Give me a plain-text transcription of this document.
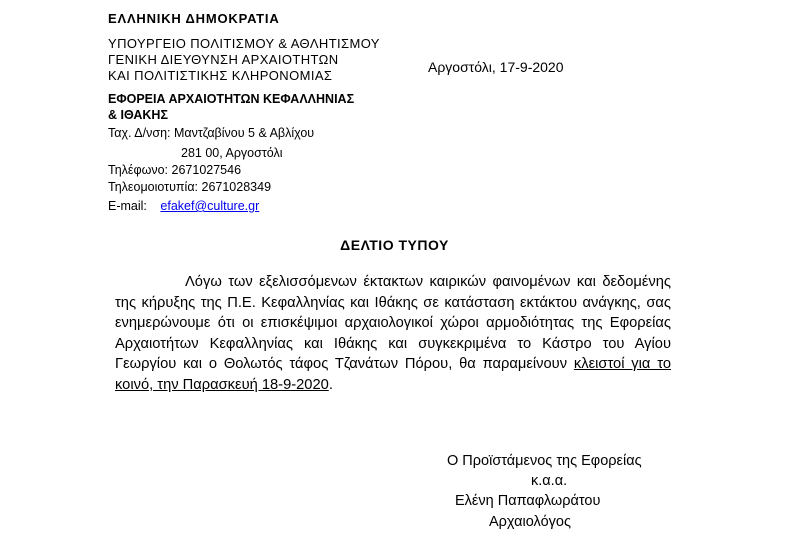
ΕΛΛΗΝΙΚΗ ΔΗΜΟΚΡΑΤΙΑ
ΥΠΟΥΡΓΕΙΟ ΠΟΛΙΤΙΣΜΟΥ & ΑΘΛΗΤΙΣΜΟΥ
ΓΕΝΙΚΗ ΔΙΕΥΘΥΝΣΗ ΑΡΧΑΙΟΤΗΤΩΝ
ΚΑΙ ΠΟΛΙΤΙΣΤΙΚΗΣ ΚΛΗΡΟΝΟΜΙΑΣ
ΕΦΟΡΕΙΑ ΑΡΧΑΙΟΤΗΤΩΝ ΚΕΦΑΛΛΗΝΙΑΣ
& ΙΘΑΚΗΣ
Ταχ. Δ/νση: Μαντζαβίνου 5 & Αβλίχου
281 00, Αργοστόλι
Τηλέφωνο: 2671027546
Τηλεομοιοτυπία: 2671028349
E-mail: efakef@culture.gr
Αργοστόλι, 17-9-2020
ΔΕΛΤΙΟ ΤΥΠΟΥ
Λόγω των εξελισσόμενων έκτακτων καιρικών φαινομένων και δεδομένης της κήρυξης της Π.Ε. Κεφαλληνίας και Ιθάκης σε κατάσταση εκτάκτου ανάγκης, σας ενημερώνουμε ότι οι επισκέψιμοι αρχαιολογικοί χώροι αρμοδιότητας της Εφορείας Αρχαιοτήτων Κεφαλληνίας και Ιθάκης και συγκεκριμένα το Κάστρο του Αγίου Γεωργίου και ο Θολωτός τάφος Τζανάτων Πόρου, θα παραμείνουν κλειστοί για το κοινό, την Παρασκευή 18-9-2020.
Ο Προϊστάμενος της Εφορείας
κ.α.α.
Ελένη Παπαφλωράτου
Αρχαιολόγος
